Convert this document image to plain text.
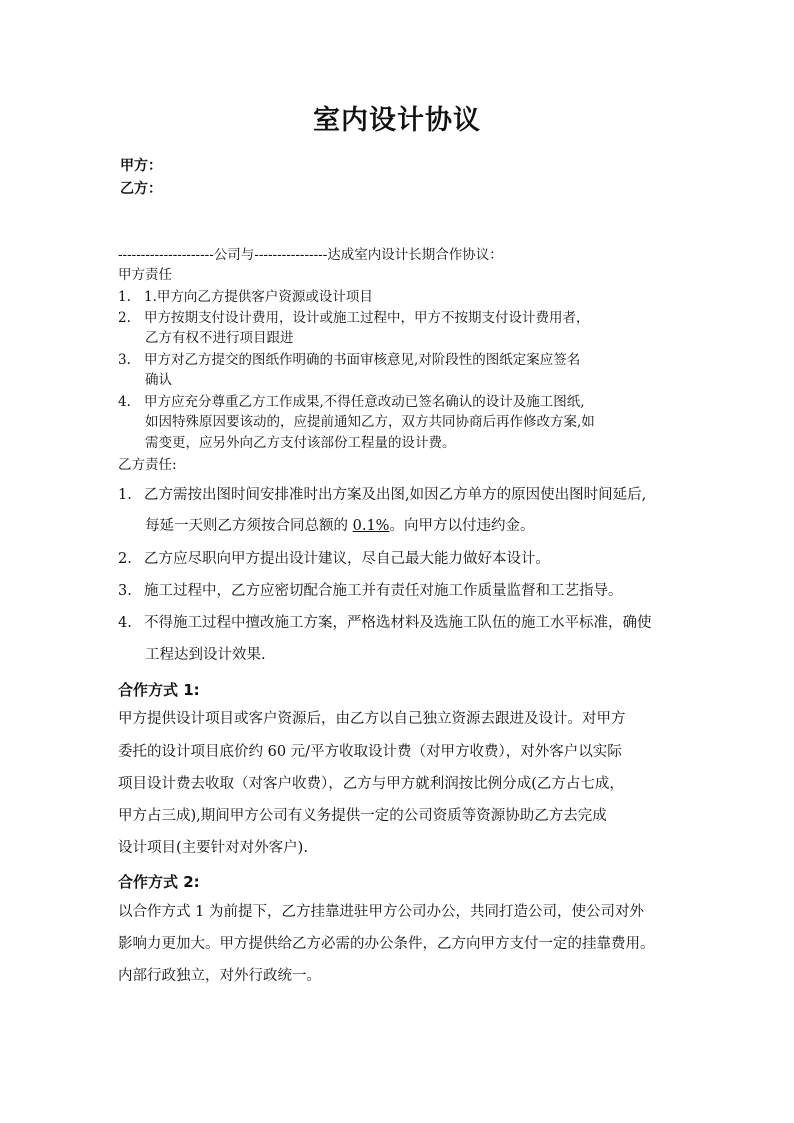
室内设计协议
甲方：
乙方：
---------------------公司与----------------达成室内设计长期合作协议：
甲方责任
1. 1.甲方向乙方提供客户资源或设计项目
2. 甲方按期支付设计费用，设计或施工过程中，甲方不按期支付设计费用者，
乙方有权不进行项目跟进
3. 甲方对乙方提交的图纸作明确的书面审核意见,对阶段性的图纸定案应签名
确认
4. 甲方应充分尊重乙方工作成果,不得任意改动已签名确认的设计及施工图纸,
如因特殊原因要该动的，应提前通知乙方，双方共同协商后再作修改方案,如
需变更，应另外向乙方支付该部份工程量的设计费。
乙方责任:
1. 乙方需按出图时间安排准时出方案及出图,如因乙方单方的原因使出图时间延后,
每延一天则乙方须按合同总额的 0.1%。向甲方以付违约金。
2. 乙方应尽职向甲方提出设计建议，尽自己最大能力做好本设计。
3. 施工过程中，乙方应密切配合施工并有责任对施工作质量监督和工艺指导。
4. 不得施工过程中擅改施工方案，严格选材料及选施工队伍的施工水平标准，确使
工程达到设计效果.
合作方式 1:
甲方提供设计项目或客户资源后，由乙方以自己独立资源去跟进及设计。对甲方
委托的设计项目底价约 60 元/平方收取设计费（对甲方收费），对外客户以实际
项目设计费去收取（对客户收费），乙方与甲方就利润按比例分成(乙方占七成，
甲方占三成),期间甲方公司有义务提供一定的公司资质等资源协助乙方去完成
设计项目(主要针对对外客户).
合作方式 2:
以合作方式 1 为前提下，乙方挂靠进驻甲方公司办公，共同打造公司，使公司对外
影响力更加大。甲方提供给乙方必需的办公条件，乙方向甲方支付一定的挂靠费用。
内部行政独立，对外行政统一。
